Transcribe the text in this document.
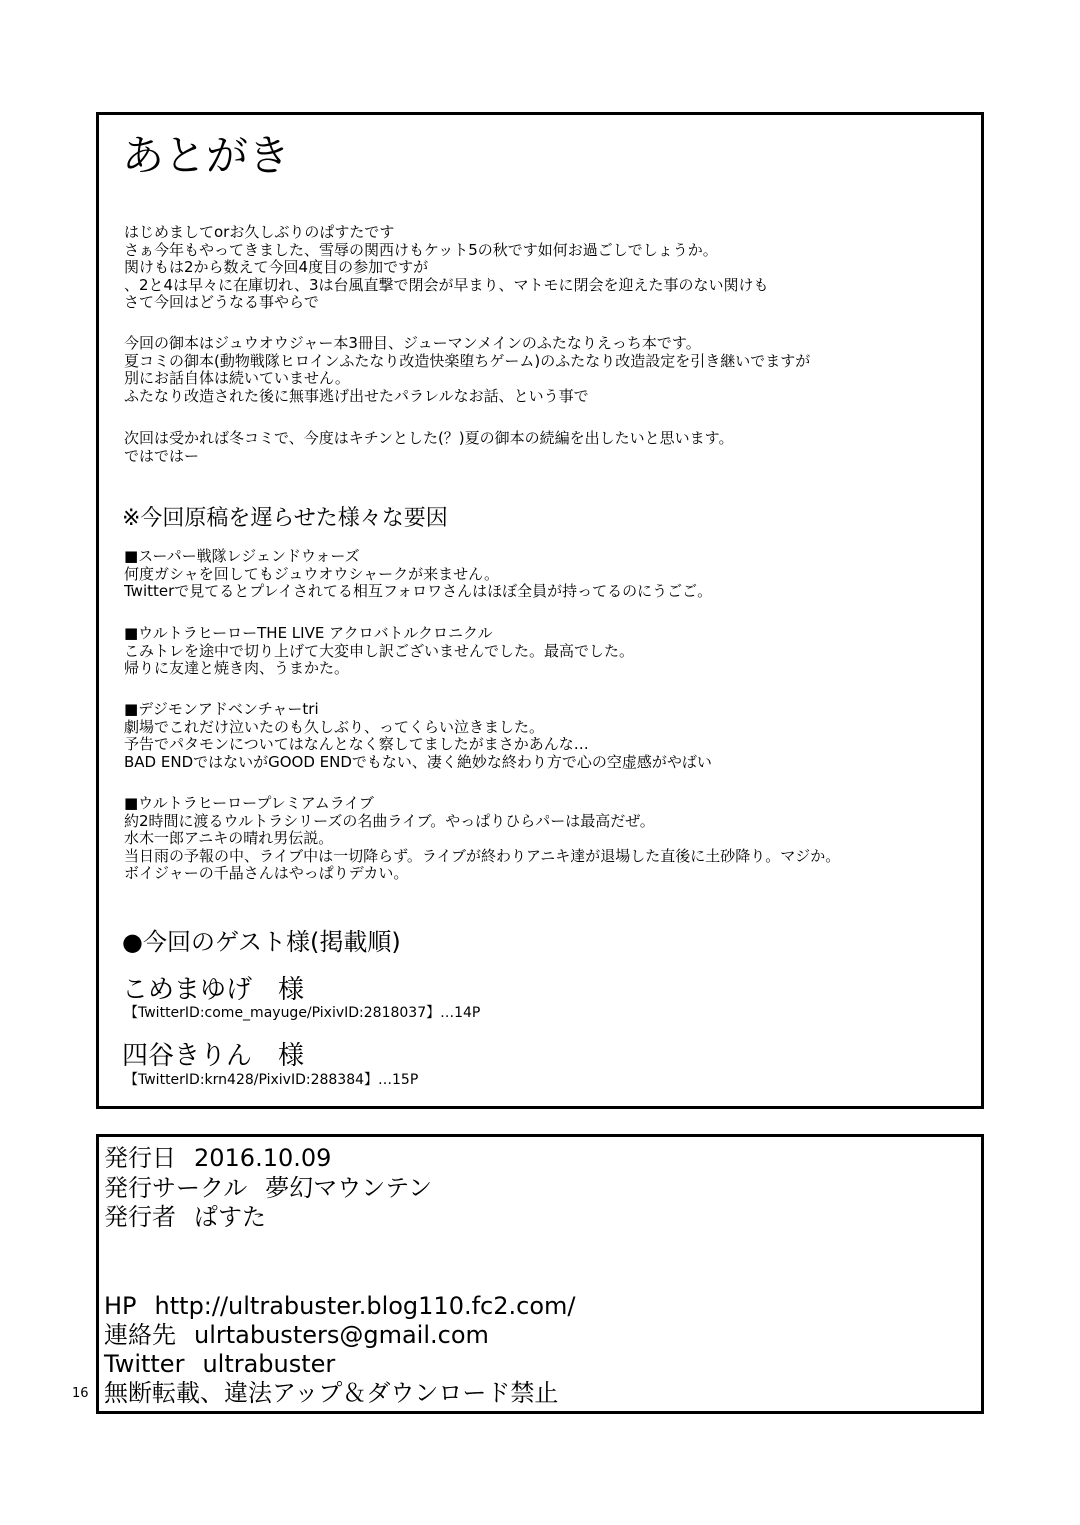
あとがき
はじめましてorお久しぶりのぱすたです
さぁ今年もやってきました、雪辱の関西けもケット5の秋です如何お過ごしでしょうか。
関けもは2から数えて今回4度目の参加ですが
、2と4は早々に在庫切れ、3は台風直撃で閉会が早まり、マトモに閉会を迎えた事のない関けも
さて今回はどうなる事やらで
今回の御本はジュウオウジャー本3冊目、ジューマンメインのふたなりえっち本です。
夏コミの御本(動物戦隊ヒロインふたなり改造快楽堕ちゲーム)のふたなり改造設定を引き継いでますが
別にお話自体は続いていません。
ふたなり改造された後に無事逃げ出せたパラレルなお話、という事で
次回は受かれば冬コミで、今度はキチンとした(？)夏の御本の続編を出したいと思います。
ではではー
※今回原稿を遅らせた様々な要因
■スーパー戦隊レジェンドウォーズ
何度ガシャを回してもジュウオウシャークが来ません。
Twitterで見てるとプレイされてる相互フォロワさんはほぼ全員が持ってるのにうごご。
■ウルトラヒーローTHE LIVE アクロバトルクロニクル
こみトレを途中で切り上げて大変申し訳ございませんでした。最高でした。
帰りに友達と焼き肉、うまかた。
■デジモンアドベンチャーtri
劇場でこれだけ泣いたのも久しぶり、ってくらい泣きました。
予告でパタモンについてはなんとなく察してましたがまさかあんな…
BAD ENDではないがGOOD ENDでもない、凄く絶妙な終わり方で心の空虚感がやばい
■ウルトラヒーロープレミアムライブ
約2時間に渡るウルトラシリーズの名曲ライブ。やっぱりひらパーは最高だぜ。
水木一郎アニキの晴れ男伝説。
当日雨の予報の中、ライブ中は一切降らず。ライブが終わりアニキ達が退場した直後に土砂降り。マジか。
ボイジャーの千晶さんはやっぱりデカい。
●今回のゲスト様(掲載順)
こめまゆげ　様
【TwitterID:come_mayuge/PixivID:2818037】…14P
四谷きりん　様
【TwitterID:krn428/PixivID:288384】…15P
発行日 2016.10.09
発行サークル 夢幻マウンテン
発行者 ぱすた
HP http://ultrabuster.blog110.fc2.com/
連絡先 ulrtabusters@gmail.com
Twitter ultrabuster
無断転載、違法アップ＆ダウンロード禁止
16
